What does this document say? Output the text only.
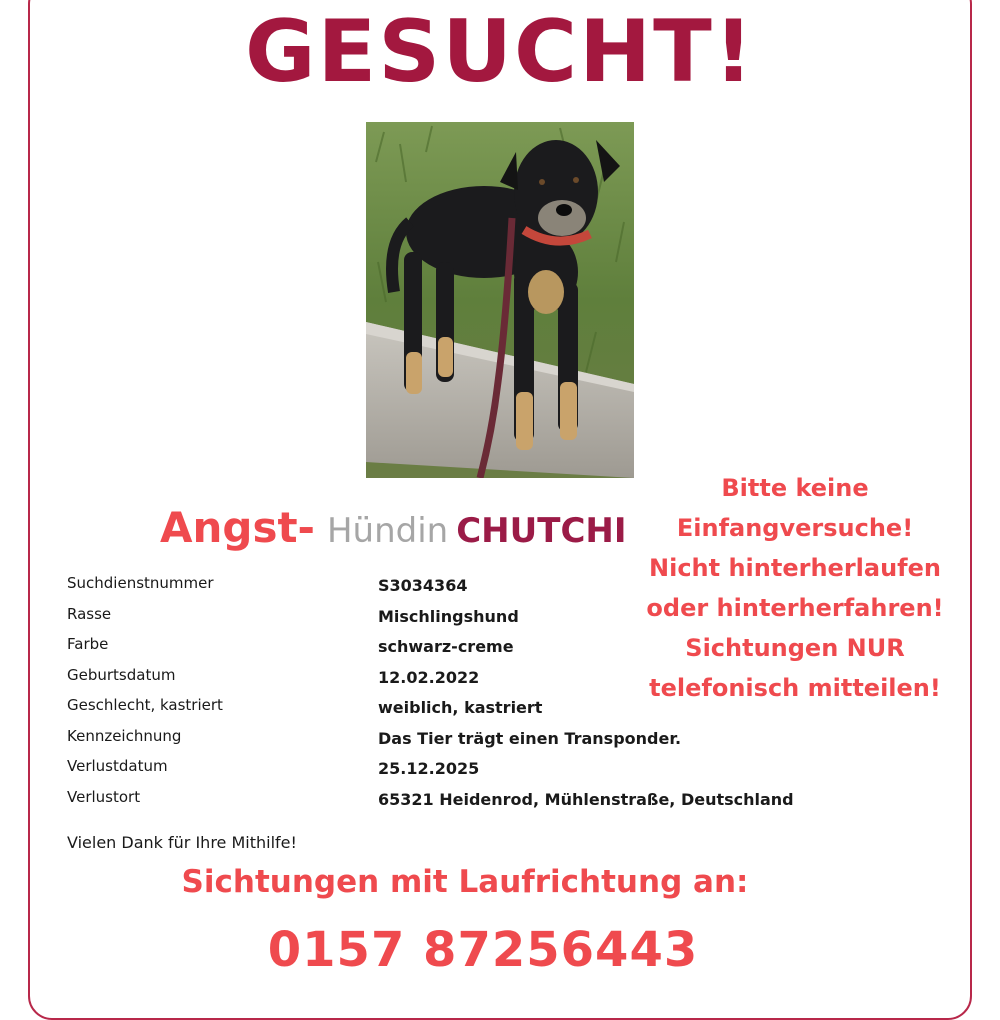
GESUCHT!
Angst- Hündin CHUTCHI
Bitte keine
Einfangversuche!
Nicht hinterherlaufen
oder hinterherfahren!
Sichtungen NUR
telefonisch mitteilen!
Suchdienstnummer	S3034364
Rasse	Mischlingshund
Farbe	schwarz-creme
Geburtsdatum	12.02.2022
Geschlecht, kastriert	weiblich, kastriert
Kennzeichnung	Das Tier trägt einen Transponder.
Verlustdatum	25.12.2025
Verlustort	65321 Heidenrod, Mühlenstraße, Deutschland
Vielen Dank für Ihre Mithilfe!
Sichtungen mit Laufrichtung an:
0157 87256443
